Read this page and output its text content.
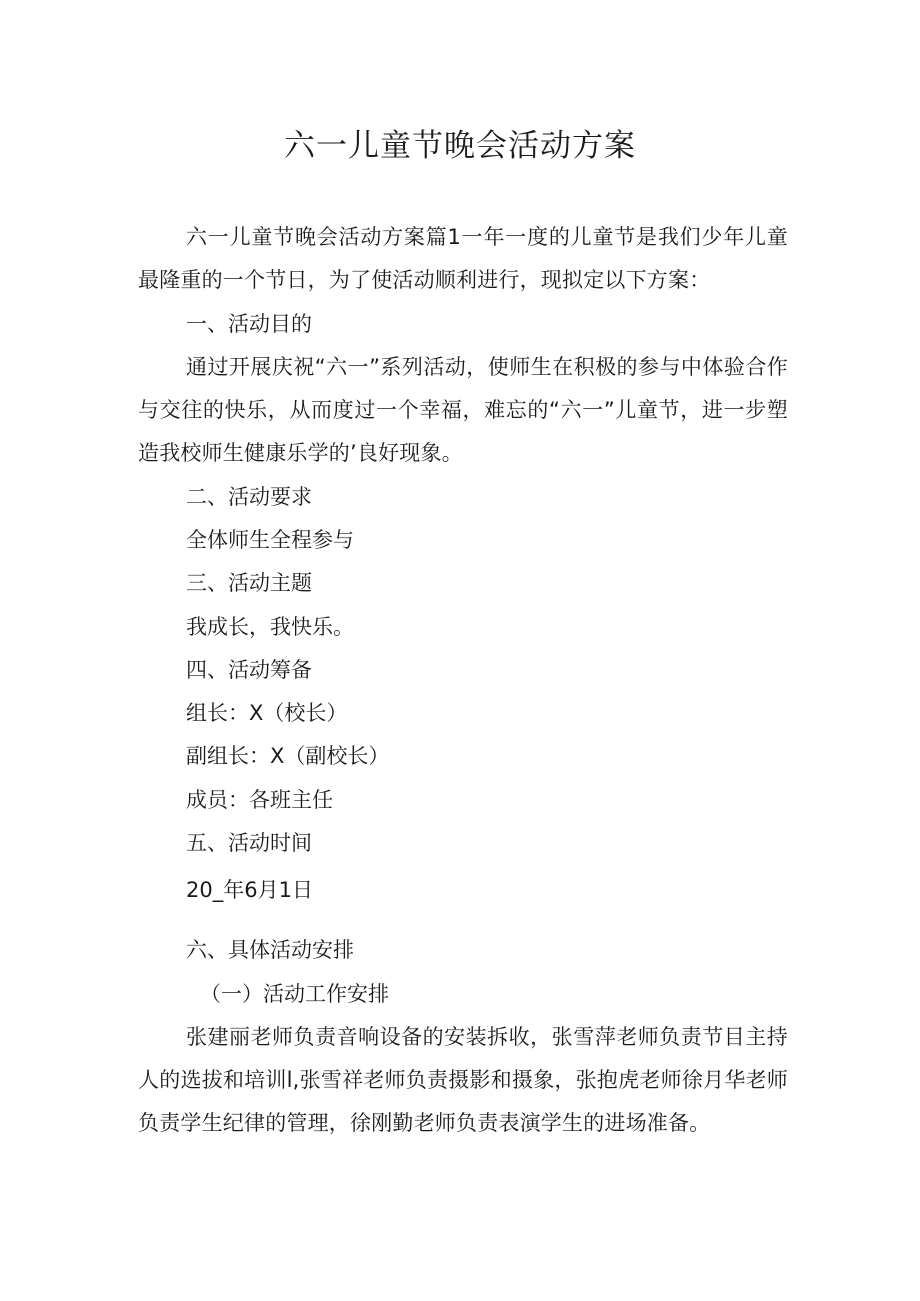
六一儿童节晚会活动方案
六一儿童节晚会活动方案篇1一年一度的儿童节是我们少年儿童最隆重的一个节日，为了使活动顺利进行，现拟定以下方案：
一、活动目的
通过开展庆祝“六一”系列活动，使师生在积极的参与中体验合作与交往的快乐，从而度过一个幸福，难忘的“六一”儿童节，进一步塑造我校师生健康乐学的’良好现象。
二、活动要求
全体师生全程参与
三、活动主题
我成长，我快乐。
四、活动筹备
组长：X（校长）
副组长：X（副校长）
成员：各班主任
五、活动时间
20_年6月1日
六、具体活动安排
（一）活动工作安排
张建丽老师负责音响设备的安装拆收，张雪萍老师负责节目主持人的选拔和培训l,张雪祥老师负责摄影和摄象，张抱虎老师徐月华老师负责学生纪律的管理，徐刚勤老师负责表演学生的进场准备。
